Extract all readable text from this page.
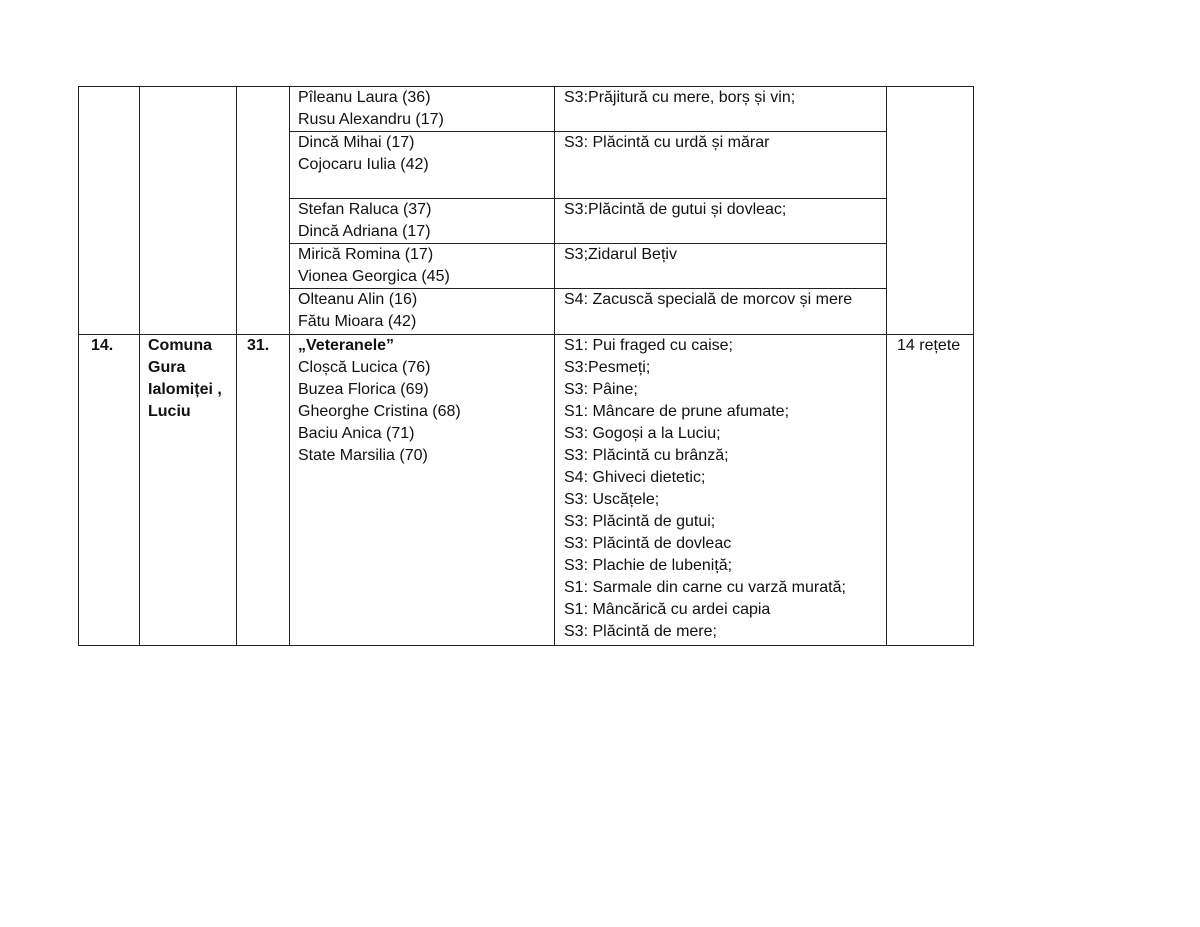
Pîleanu Laura (36)
Rusu Alexandru (17)
S3:Prăjitură cu mere, borș și vin;
Dincă Mihai (17)
Cojocaru Iulia (42)
S3: Plăcintă cu urdă și mărar
Stefan Raluca (37)
Dincă Adriana (17)
S3:Plăcintă de gutui și dovleac;
Mirică Romina (17)
Vionea Georgica (45)
S3;Zidarul Bețiv
Olteanu Alin (16)
Fătu Mioara (42)
S4: Zacuscă specială de morcov și mere
14. Comuna
Gura
Ialomiței ,
Luciu
31. „Veteranele”
Cloșcă Lucica (76)
Buzea Florica (69)
Gheorghe Cristina (68)
Baciu Anica (71)
State Marsilia (70)
S1: Pui fraged cu caise;
S3:Pesmeți;
S3: Pâine;
S1: Mâncare de prune afumate;
S3: Gogoși a la Luciu;
S3: Plăcintă cu brânză;
S4: Ghiveci dietetic;
S3: Uscățele;
S3: Plăcintă de gutui;
S3: Plăcintă de dovleac
S3: Plachie de lubeniță;
S1: Sarmale din carne cu varză murată;
S1: Mâncărică cu ardei capia
S3: Plăcintă de mere;
14 rețete
